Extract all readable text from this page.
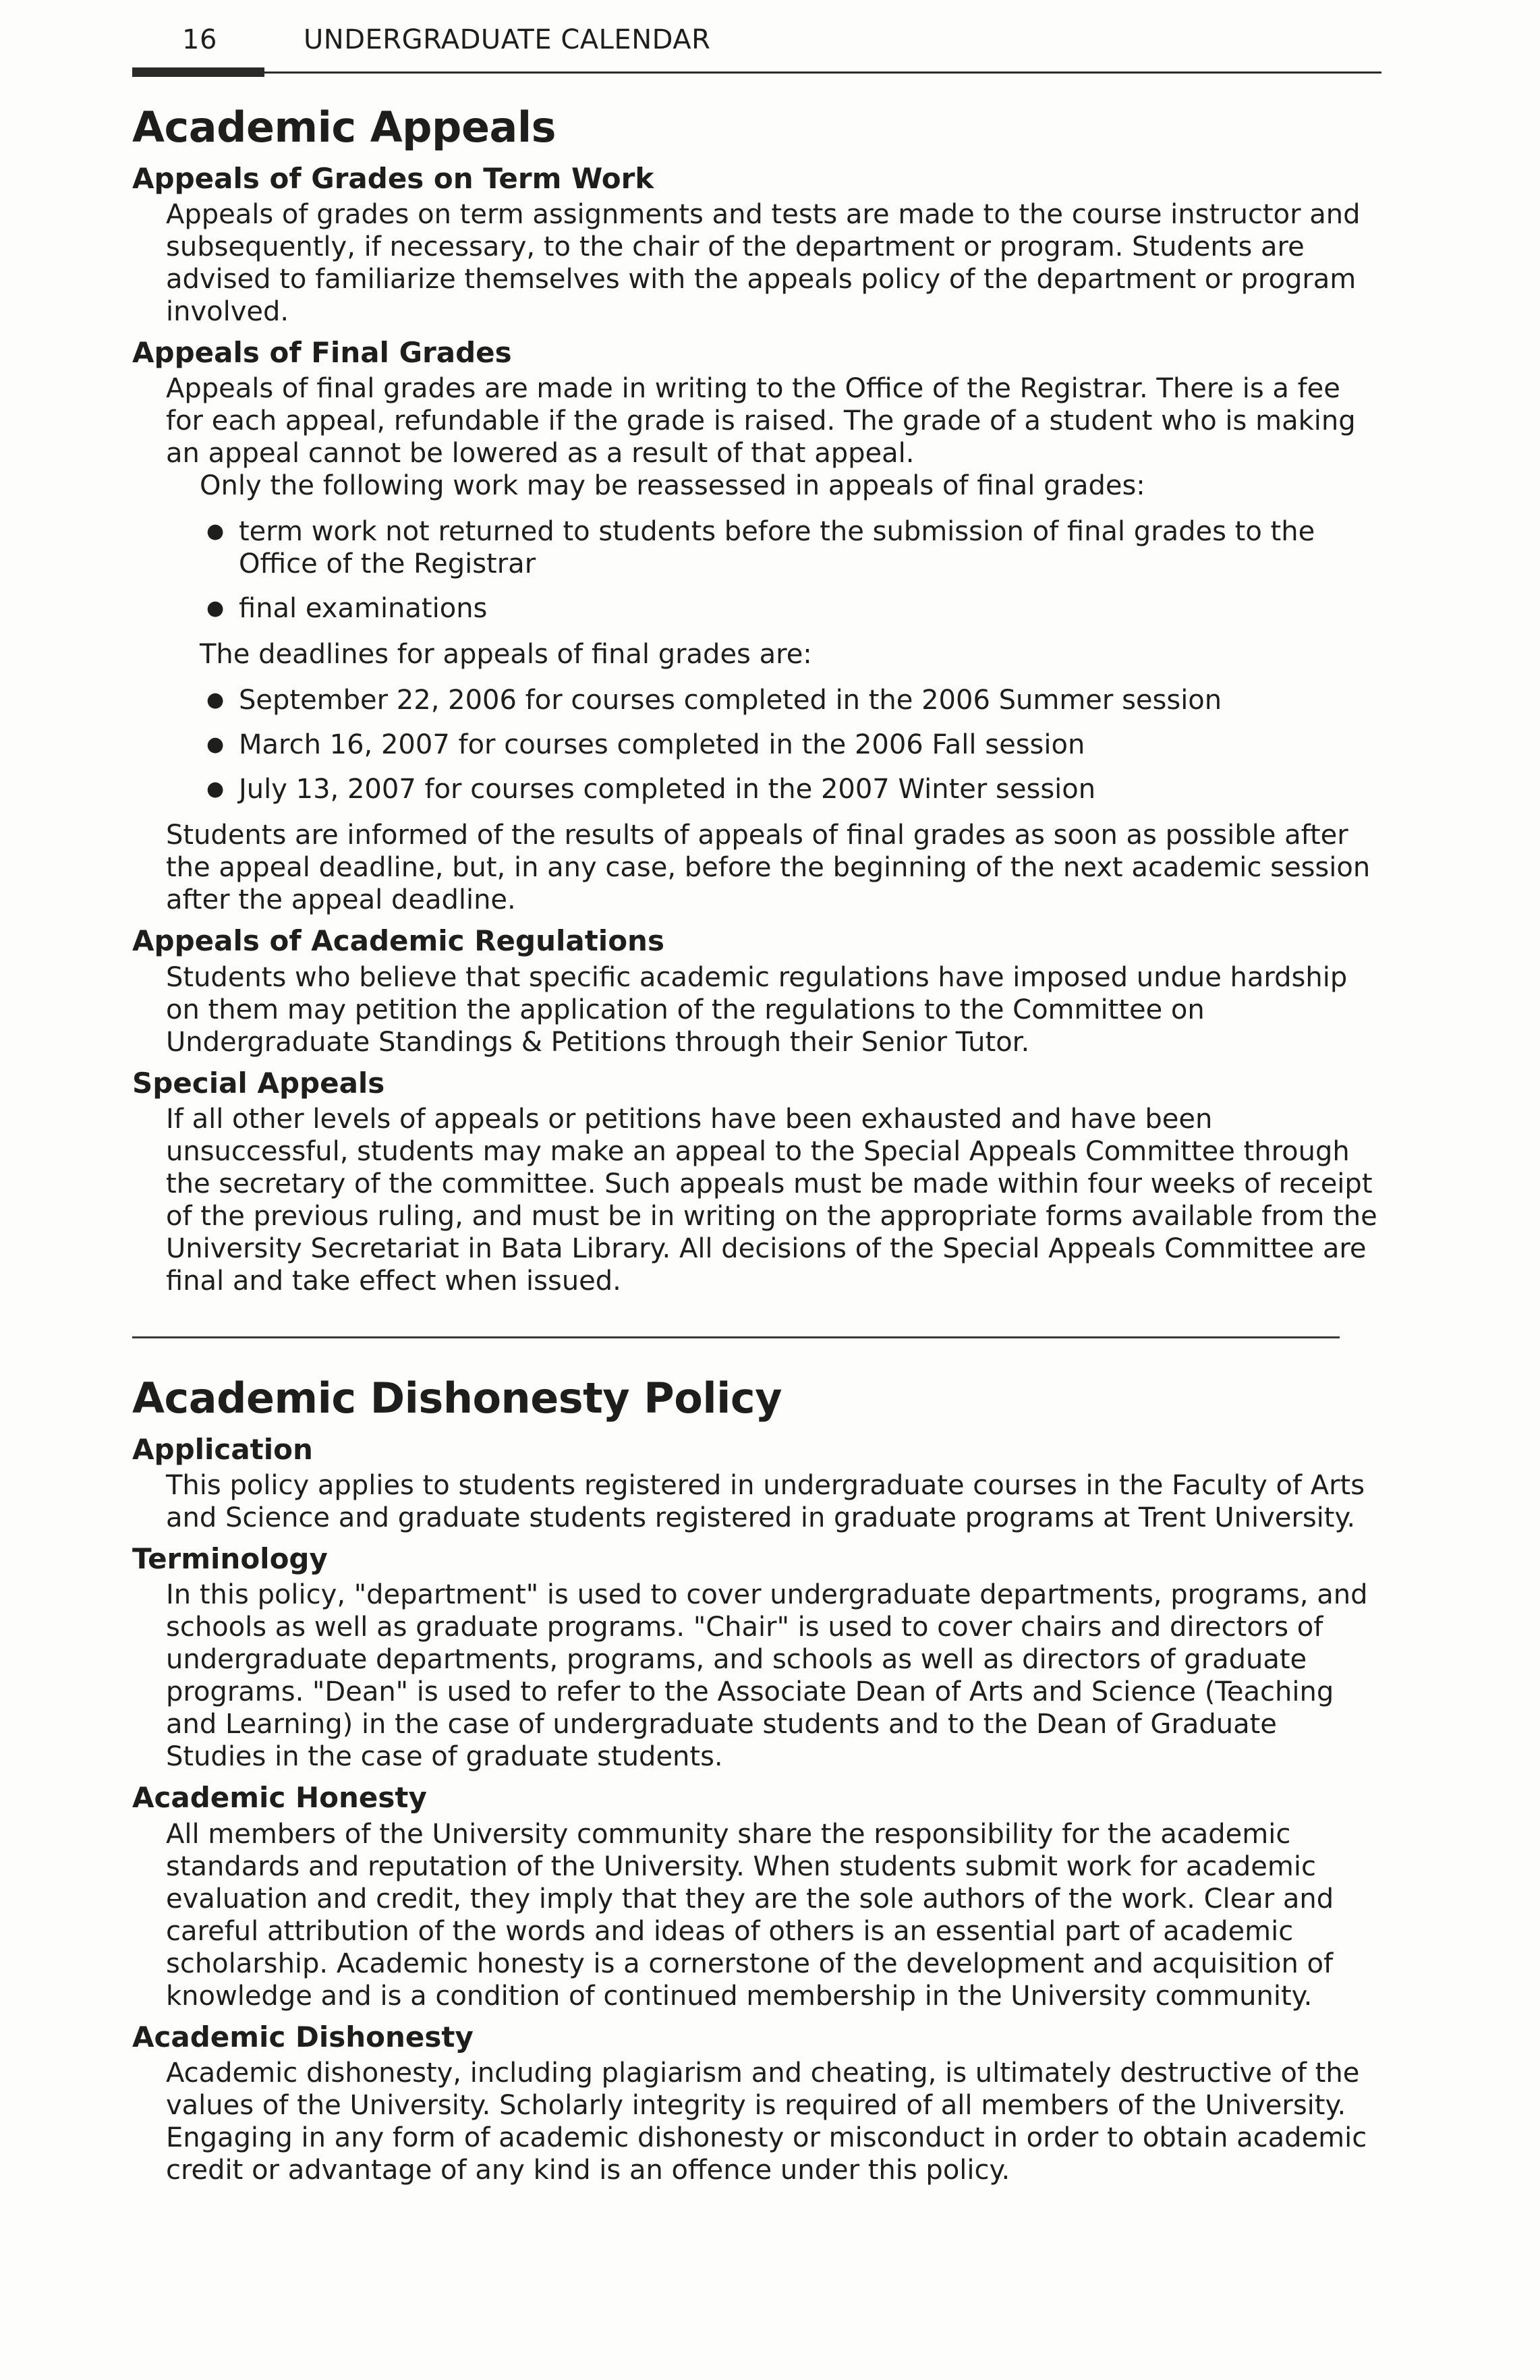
16	UNDERGRADUATE CALENDAR
Academic Appeals
Appeals of Grades on Term Work

Appeals of grades on term assignments and tests are made to the course instructor and subsequently, if necessary, to the chair of the department or program. Students are advised to familiarize themselves with the appeals policy of the department or program involved.

Appeals of Final Grades

Appeals of final grades are made in writing to the Office of the Registrar. There is a fee for each appeal, refundable if the grade is raised. The grade of a student who is making an appeal cannot be lowered as a result of that appeal.

Only the following work may be reassessed in appeals of final grades:

● term work not returned to students before the submission of final grades to the Office of the Registrar
● final examinations

The deadlines for appeals of final grades are:

● September 22, 2006 for courses completed in the 2006 Summer session
● March 16, 2007 for courses completed in the 2006 Fall session
● July 13, 2007 for courses completed in the 2007 Winter session

Students are informed of the results of appeals of final grades as soon as possible after the appeal deadline, but, in any case, before the beginning of the next academic session after the appeal deadline.

Appeals of Academic Regulations

Students who believe that specific academic regulations have imposed undue hardship on them may petition the application of the regulations to the Committee on Undergraduate Standings & Petitions through their Senior Tutor.

Special Appeals

If all other levels of appeals or petitions have been exhausted and have been unsuccessful, students may make an appeal to the Special Appeals Committee through the secretary of the committee. Such appeals must be made within four weeks of receipt of the previous ruling, and must be in writing on the appropriate forms available from the University Secretariat in Bata Library. All decisions of the Special Appeals Committee are final and take effect when issued.

Academic Dishonesty Policy
Application

This policy applies to students registered in undergraduate courses in the Faculty of Arts and Science and graduate students registered in graduate programs at Trent University.

Terminology

In this policy, "department" is used to cover undergraduate departments, programs, and schools as well as graduate programs. "Chair" is used to cover chairs and directors of undergraduate departments, programs, and schools as well as directors of graduate programs. "Dean" is used to refer to the Associate Dean of Arts and Science (Teaching and Learning) in the case of undergraduate students and to the Dean of Graduate Studies in the case of graduate students.

Academic Honesty

All members of the University community share the responsibility for the academic standards and reputation of the University. When students submit work for academic evaluation and credit, they imply that they are the sole authors of the work. Clear and careful attribution of the words and ideas of others is an essential part of academic scholarship. Academic honesty is a cornerstone of the development and acquisition of knowledge and is a condition of continued membership in the University community.

Academic Dishonesty

Academic dishonesty, including plagiarism and cheating, is ultimately destructive of the values of the University. Scholarly integrity is required of all members of the University. Engaging in any form of academic dishonesty or misconduct in order to obtain academic credit or advantage of any kind is an offence under this policy.
